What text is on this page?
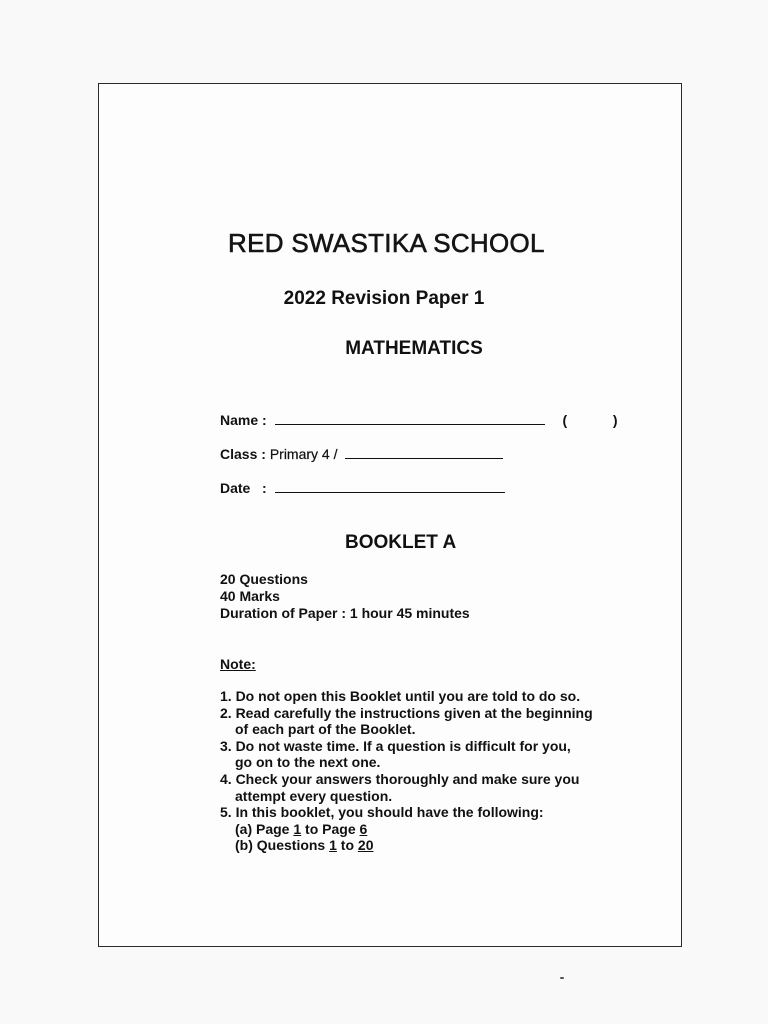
RED SWASTIKA SCHOOL
2022 Revision Paper 1
MATHEMATICS
Name :	(	)
Class : Primary 4 /
Date   :
BOOKLET A
20 Questions
40 Marks
Duration of Paper : 1 hour 45 minutes
Note:
1. Do not open this Booklet until you are told to do so.
2. Read carefully the instructions given at the beginning
of each part of the Booklet.
3. Do not waste time. If a question is difficult for you,
go on to the next one.
4. Check your answers thoroughly and make sure you
attempt every question.
5. In this booklet, you should have the following:
(a) Page 1 to Page 6
(b) Questions 1 to 20
